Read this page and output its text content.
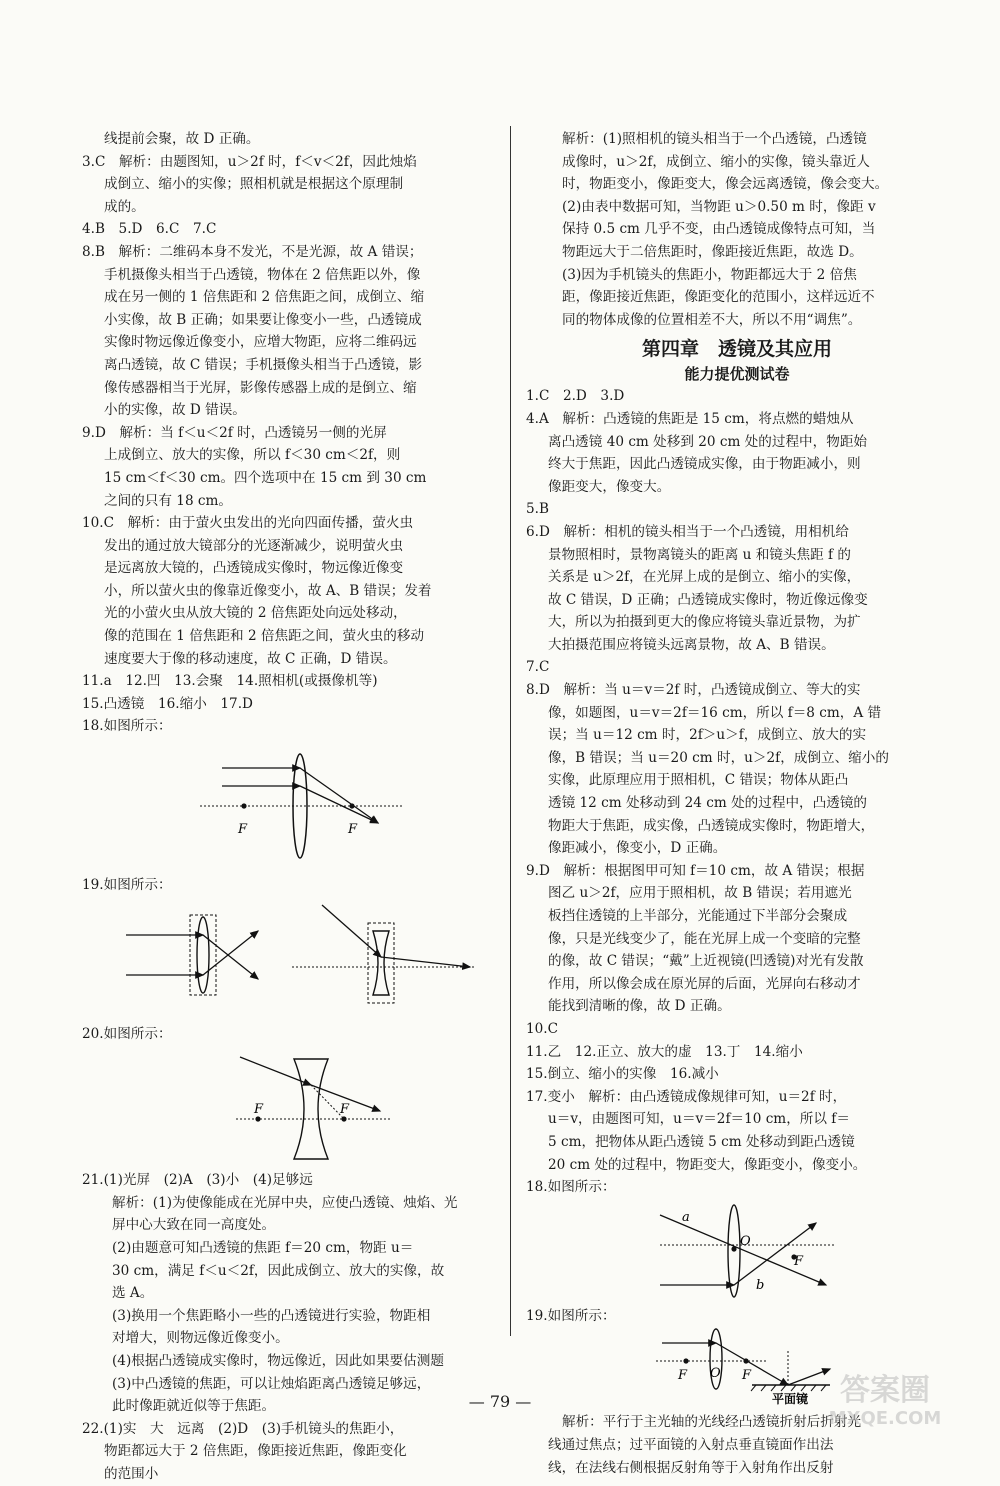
线提前会聚，故 D 正确。
3.C　解析：由题图知，u＞2f 时，f＜v＜2f，因此烛焰
成倒立、缩小的实像；照相机就是根据这个原理制
成的。
4.B　5.D　6.C　7.C
8.B　解析：二维码本身不发光，不是光源，故 A 错误；
手机摄像头相当于凸透镜，物体在 2 倍焦距以外，像
成在另一侧的 1 倍焦距和 2 倍焦距之间，成倒立、缩
小实像，故 B 正确；如果要让像变小一些，凸透镜成
实像时物远像近像变小，应增大物距，应将二维码远
离凸透镜，故 C 错误；手机摄像头相当于凸透镜，影
像传感器相当于光屏，影像传感器上成的是倒立、缩
小的实像，故 D 错误。
9.D　解析：当 f＜u＜2f 时，凸透镜另一侧的光屏
上成倒立、放大的实像，所以 f＜30 cm＜2f，则
15 cm＜f＜30 cm。四个选项中在 15 cm 到 30 cm
之间的只有 18 cm。
10.C　解析：由于萤火虫发出的光向四面传播，萤火虫
发出的通过放大镜部分的光逐渐减少，说明萤火虫
是远离放大镜的，凸透镜成实像时，物远像近像变
小，所以萤火虫的像靠近像变小，故 A、B 错误；发着
光的小萤火虫从放大镜的 2 倍焦距处向远处移动，
像的范围在 1 倍焦距和 2 倍焦距之间，萤火虫的移动
速度要大于像的移动速度，故 C 正确，D 错误。
11.a　12.凹　13.会聚　14.照相机(或摄像机等)
15.凸透镜　16.缩小　17.D
18.如图所示：
F	F
19.如图所示：
20.如图所示：
F	F
21.(1)光屏　(2)A　(3)小　(4)足够远
解析：(1)为使像能成在光屏中央，应使凸透镜、烛焰、光
屏中心大致在同一高度处。
(2)由题意可知凸透镜的焦距 f＝20 cm，物距 u＝
30 cm，满足 f＜u＜2f，因此成倒立、放大的实像，故
选 A。
(3)换用一个焦距略小一些的凸透镜进行实验，物距相
对增大，则物远像近像变小。
(4)根据凸透镜成实像时，物远像近，因此如果要估测题
(3)中凸透镜的焦距，可以让烛焰距离凸透镜足够远，
此时像距就近似等于焦距。
22.(1)实　大　远离　(2)D　(3)手机镜头的焦距小，
物距都远大于 2 倍焦距，像距接近焦距，像距变化
的范围小
解析：(1)照相机的镜头相当于一个凸透镜，凸透镜
成像时，u＞2f，成倒立、缩小的实像，镜头靠近人
时，物距变小，像距变大，像会远离透镜，像会变大。
(2)由表中数据可知，当物距 u＞0.50 m 时，像距 v
保持 0.5 cm 几乎不变，由凸透镜成像特点可知，当
物距远大于二倍焦距时，像距接近焦距，故选 D。
(3)因为手机镜头的焦距小，物距都远大于 2 倍焦
距，像距接近焦距，像距变化的范围小，这样远近不
同的物体成像的位置相差不大，所以不用“调焦”。
第四章　透镜及其应用
能力提优测试卷
1.C　2.D　3.D
4.A　解析：凸透镜的焦距是 15 cm，将点燃的蜡烛从
离凸透镜 40 cm 处移到 20 cm 处的过程中，物距始
终大于焦距，因此凸透镜成实像，由于物距减小，则
像距变大，像变大。
5.B
6.D　解析：相机的镜头相当于一个凸透镜，用相机给
景物照相时，景物离镜头的距离 u 和镜头焦距 f 的
关系是 u＞2f，在光屏上成的是倒立、缩小的实像，
故 C 错误，D 正确；凸透镜成实像时，物近像远像变
大，所以为拍摄到更大的像应将镜头靠近景物，为扩
大拍摄范围应将镜头远离景物，故 A、B 错误。
7.C
8.D　解析：当 u＝v＝2f 时，凸透镜成倒立、等大的实
像，如题图，u＝v＝2f＝16 cm，所以 f＝8 cm，A 错
误；当 u＝12 cm 时，2f＞u＞f，成倒立、放大的实
像，B 错误；当 u＝20 cm 时，u＞2f，成倒立、缩小的
实像，此原理应用于照相机，C 错误；物体从距凸
透镜 12 cm 处移动到 24 cm 处的过程中，凸透镜的
物距大于焦距，成实像，凸透镜成实像时，物距增大，
像距减小，像变小，D 正确。
9.D　解析：根据图甲可知 f＝10 cm，故 A 错误；根据
图乙 u＞2f，应用于照相机，故 B 错误；若用遮光
板挡住透镜的上半部分，光能通过下半部分会聚成
像，只是光线变少了，能在光屏上成一个变暗的完整
的像，故 C 错误；“戴”上近视镜(凹透镜)对光有发散
作用，所以像会成在原光屏的后面，光屏向右移动才
能找到清晰的像，故 D 正确。
10.C
11.乙　12.正立、放大的虚　13.丁　14.缩小
15.倒立、缩小的实像　16.减小
17.变小　解析：由凸透镜成像规律可知，u＝2f 时，
u＝v，由题图可知，u＝v＝2f＝10 cm，所以 f＝
5 cm，把物体从距凸透镜 5 cm 处移动到距凸透镜
20 cm 处的过程中，物距变大，像距变小，像变小。
18.如图所示：
a
O
F
b
19.如图所示：
F O F
平面镜
解析：平行于主光轴的光线经凸透镜折射后折射光
线通过焦点；过平面镜的入射点垂直镜面作出法
线，在法线右侧根据反射角等于入射角作出反射
— 79 —	答案圈
MXQE.COM
